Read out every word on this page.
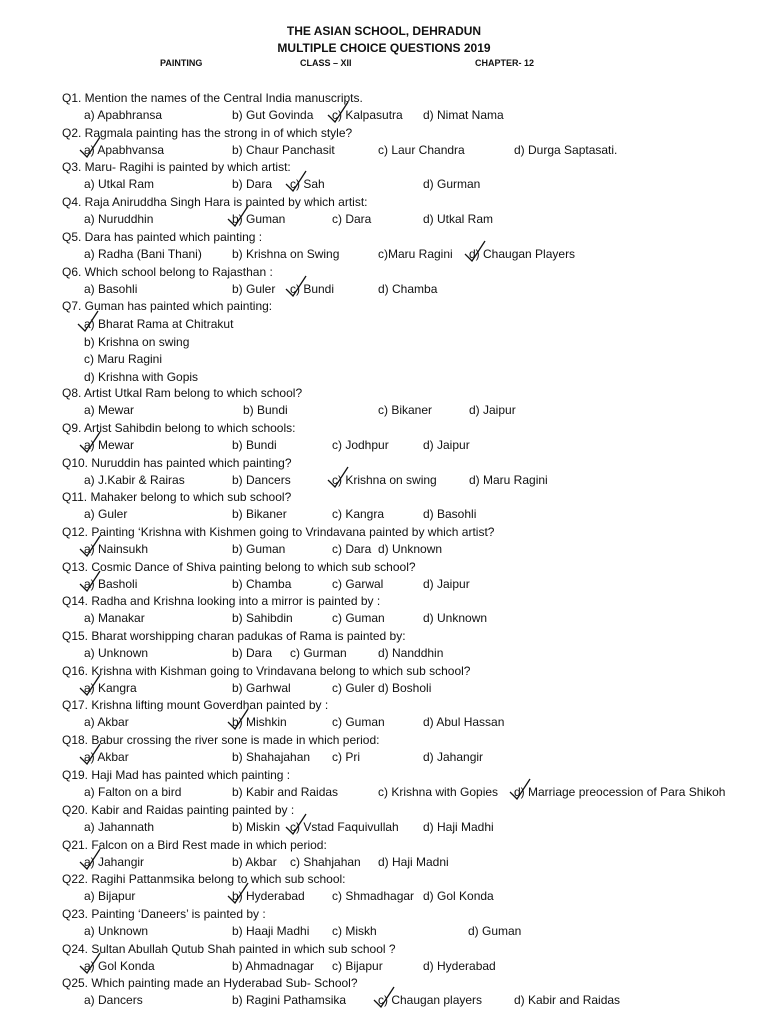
THE ASIAN SCHOOL, DEHRADUN
MULTIPLE CHOICE QUESTIONS 2019
PAINTING	CLASS – XII	CHAPTER- 12
Q1. Mention the names of the Central India manuscripts.
a) Apabhransa	b) Gut Govinda c) Kalpasutra d) Nimat Nama
Q2. Ragmala painting has the strong in of which style?
a) Apabhvansa	b) Chaur Panchasit	c) Laur Chandra	d) Durga Saptasati.
Q3. Maru- Ragihi is painted by which artist:
a) Utkal Ram	b) Dara c) Sah	d) Gurman
Q4. Raja Aniruddha Singh Hara is painted by which artist:
a) Nuruddhin	b) Guman	c) Dara	d) Utkal Ram
Q5. Dara has painted which painting :
a) Radha (Bani Thani)	b) Krishna on Swing	c)Maru Ragini d) Chaugan Players
Q6. Which school belong to Rajasthan :
a) Basohli	b) Guler c) Bundi	d) Chamba
Q7. Guman has painted which painting:
a) Bharat Rama at Chitrakut
b) Krishna on swing
c) Maru Ragini
d) Krishna with Gopis
Q8. Artist Utkal Ram belong to which school?
a) Mewar	b) Bundi	c) Bikaner	d) Jaipur
Q9. Artist Sahibdin belong to which schools:
a) Mewar	b) Bundi	c) Jodhpur	d) Jaipur
Q10. Nuruddin has painted which painting?
a) J.Kabir & Rairas	b) Dancers	c) Krishna on swing	d) Maru Ragini
Q11. Mahaker belong to which sub school?
a) Guler	b) Bikaner	c) Kangra	d) Basohli
Q12. Painting ‘Krishna with Kishmen going to Vrindavana painted by which artist?
a) Nainsukh	b) Guman	c) Dara d) Unknown
Q13. Cosmic Dance of Shiva painting belong to which sub school?
a) Basholi	b) Chamba	c) Garwal	d) Jaipur
Q14. Radha and Krishna looking into a mirror is painted by :
a) Manakar	b) Sahibdin	c) Guman	d) Unknown
Q15. Bharat worshipping charan padukas of Rama is painted by:
a) Unknown	b) Dara c) Gurman	d) Nanddhin
Q16. Krishna with Kishman going to Vrindavana belong to which sub school?
a) Kangra	b) Garhwal	c) Guler d) Bosholi
Q17. Krishna lifting mount Goverdhan painted by :
a) Akbar	b) Mishkin	c) Guman	d) Abul Hassan
Q18. Babur crossing the river sone is made in which period:
a) Akbar	b) Shahajahan c) Pri	d) Jahangir
Q19. Haji Mad has painted which painting :
a) Falton on a bird	b) Kabir and Raidas	c) Krishna with Gopies d) Marriage preocession of Para Shikoh
Q20. Kabir and Raidas painting painted by :
a) Jahannath	b) Miskin c) Vstad Faquivullah d) Haji Madhi
Q21. Falcon on a Bird Rest made in which period:
a) Jahangir	b) Akbar c) Shahjahan d) Haji Madni
Q22. Ragihi Pattanmsika belong to which sub school:
a) Bijapur	b) Hyderabad c) Shmadhagar d) Gol Konda
Q23. Painting ‘Daneers’ is painted by :
a) Unknown	b) Haaji Madhi c) Miskh	d) Guman
Q24. Sultan Abullah Qutub Shah painted in which sub school ?
a) Gol Konda	b) Ahmadnagar c) Bijapur	d) Hyderabad
Q25. Which painting made an Hyderabad Sub- School?
a) Dancers	b) Ragini Pathamsika	c) Chaugan players	d) Kabir and Raidas
